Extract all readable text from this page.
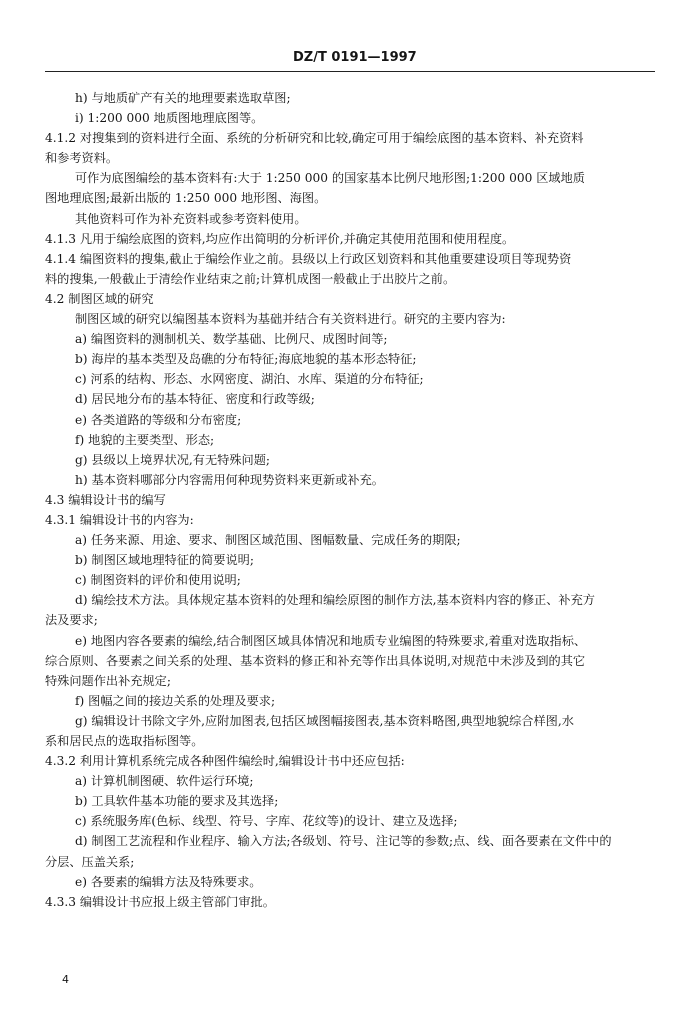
DZ/T 0191—1997
h) 与地质矿产有关的地理要素选取草图;
i) 1:200 000 地质图地理底图等。
4.1.2 对搜集到的资料进行全面、系统的分析研究和比较,确定可用于编绘底图的基本资料、补充资料
和参考资料。
可作为底图编绘的基本资料有:大于 1:250 000 的国家基本比例尺地形图;1:200 000 区域地质
图地理底图;最新出版的 1:250 000 地形图、海图。
其他资料可作为补充资料或参考资料使用。
4.1.3 凡用于编绘底图的资料,均应作出简明的分析评价,并确定其使用范围和使用程度。
4.1.4 编图资料的搜集,截止于编绘作业之前。县级以上行政区划资料和其他重要建设项目等现势资
料的搜集,一般截止于清绘作业结束之前;计算机成图一般截止于出胶片之前。
4.2 制图区域的研究
制图区域的研究以编图基本资料为基础并结合有关资料进行。研究的主要内容为:
a) 编图资料的测制机关、数学基础、比例尺、成图时间等;
b) 海岸的基本类型及岛礁的分布特征;海底地貌的基本形态特征;
c) 河系的结构、形态、水网密度、湖泊、水库、渠道的分布特征;
d) 居民地分布的基本特征、密度和行政等级;
e) 各类道路的等级和分布密度;
f) 地貌的主要类型、形态;
g) 县级以上境界状况,有无特殊问题;
h) 基本资料哪部分内容需用何种现势资料来更新或补充。
4.3 编辑设计书的编写
4.3.1 编辑设计书的内容为:
a) 任务来源、用途、要求、制图区域范围、图幅数量、完成任务的期限;
b) 制图区域地理特征的简要说明;
c) 制图资料的评价和使用说明;
d) 编绘技术方法。具体规定基本资料的处理和编绘原图的制作方法,基本资料内容的修正、补充方
法及要求;
e) 地图内容各要素的编绘,结合制图区域具体情况和地质专业编图的特殊要求,着重对选取指标、
综合原则、各要素之间关系的处理、基本资料的修正和补充等作出具体说明,对规范中未涉及到的其它
特殊问题作出补充规定;
f) 图幅之间的接边关系的处理及要求;
g) 编辑设计书除文字外,应附加图表,包括区域图幅接图表,基本资料略图,典型地貌综合样图,水
系和居民点的选取指标图等。
4.3.2 利用计算机系统完成各种图件编绘时,编辑设计书中还应包括:
a) 计算机制图硬、软件运行环境;
b) 工具软件基本功能的要求及其选择;
c) 系统服务库(色标、线型、符号、字库、花纹等)的设计、建立及选择;
d) 制图工艺流程和作业程序、输入方法;各级划、符号、注记等的参数;点、线、面各要素在文件中的
分层、压盖关系;
e) 各要素的编辑方法及特殊要求。
4.3.3 编辑设计书应报上级主管部门审批。
4
